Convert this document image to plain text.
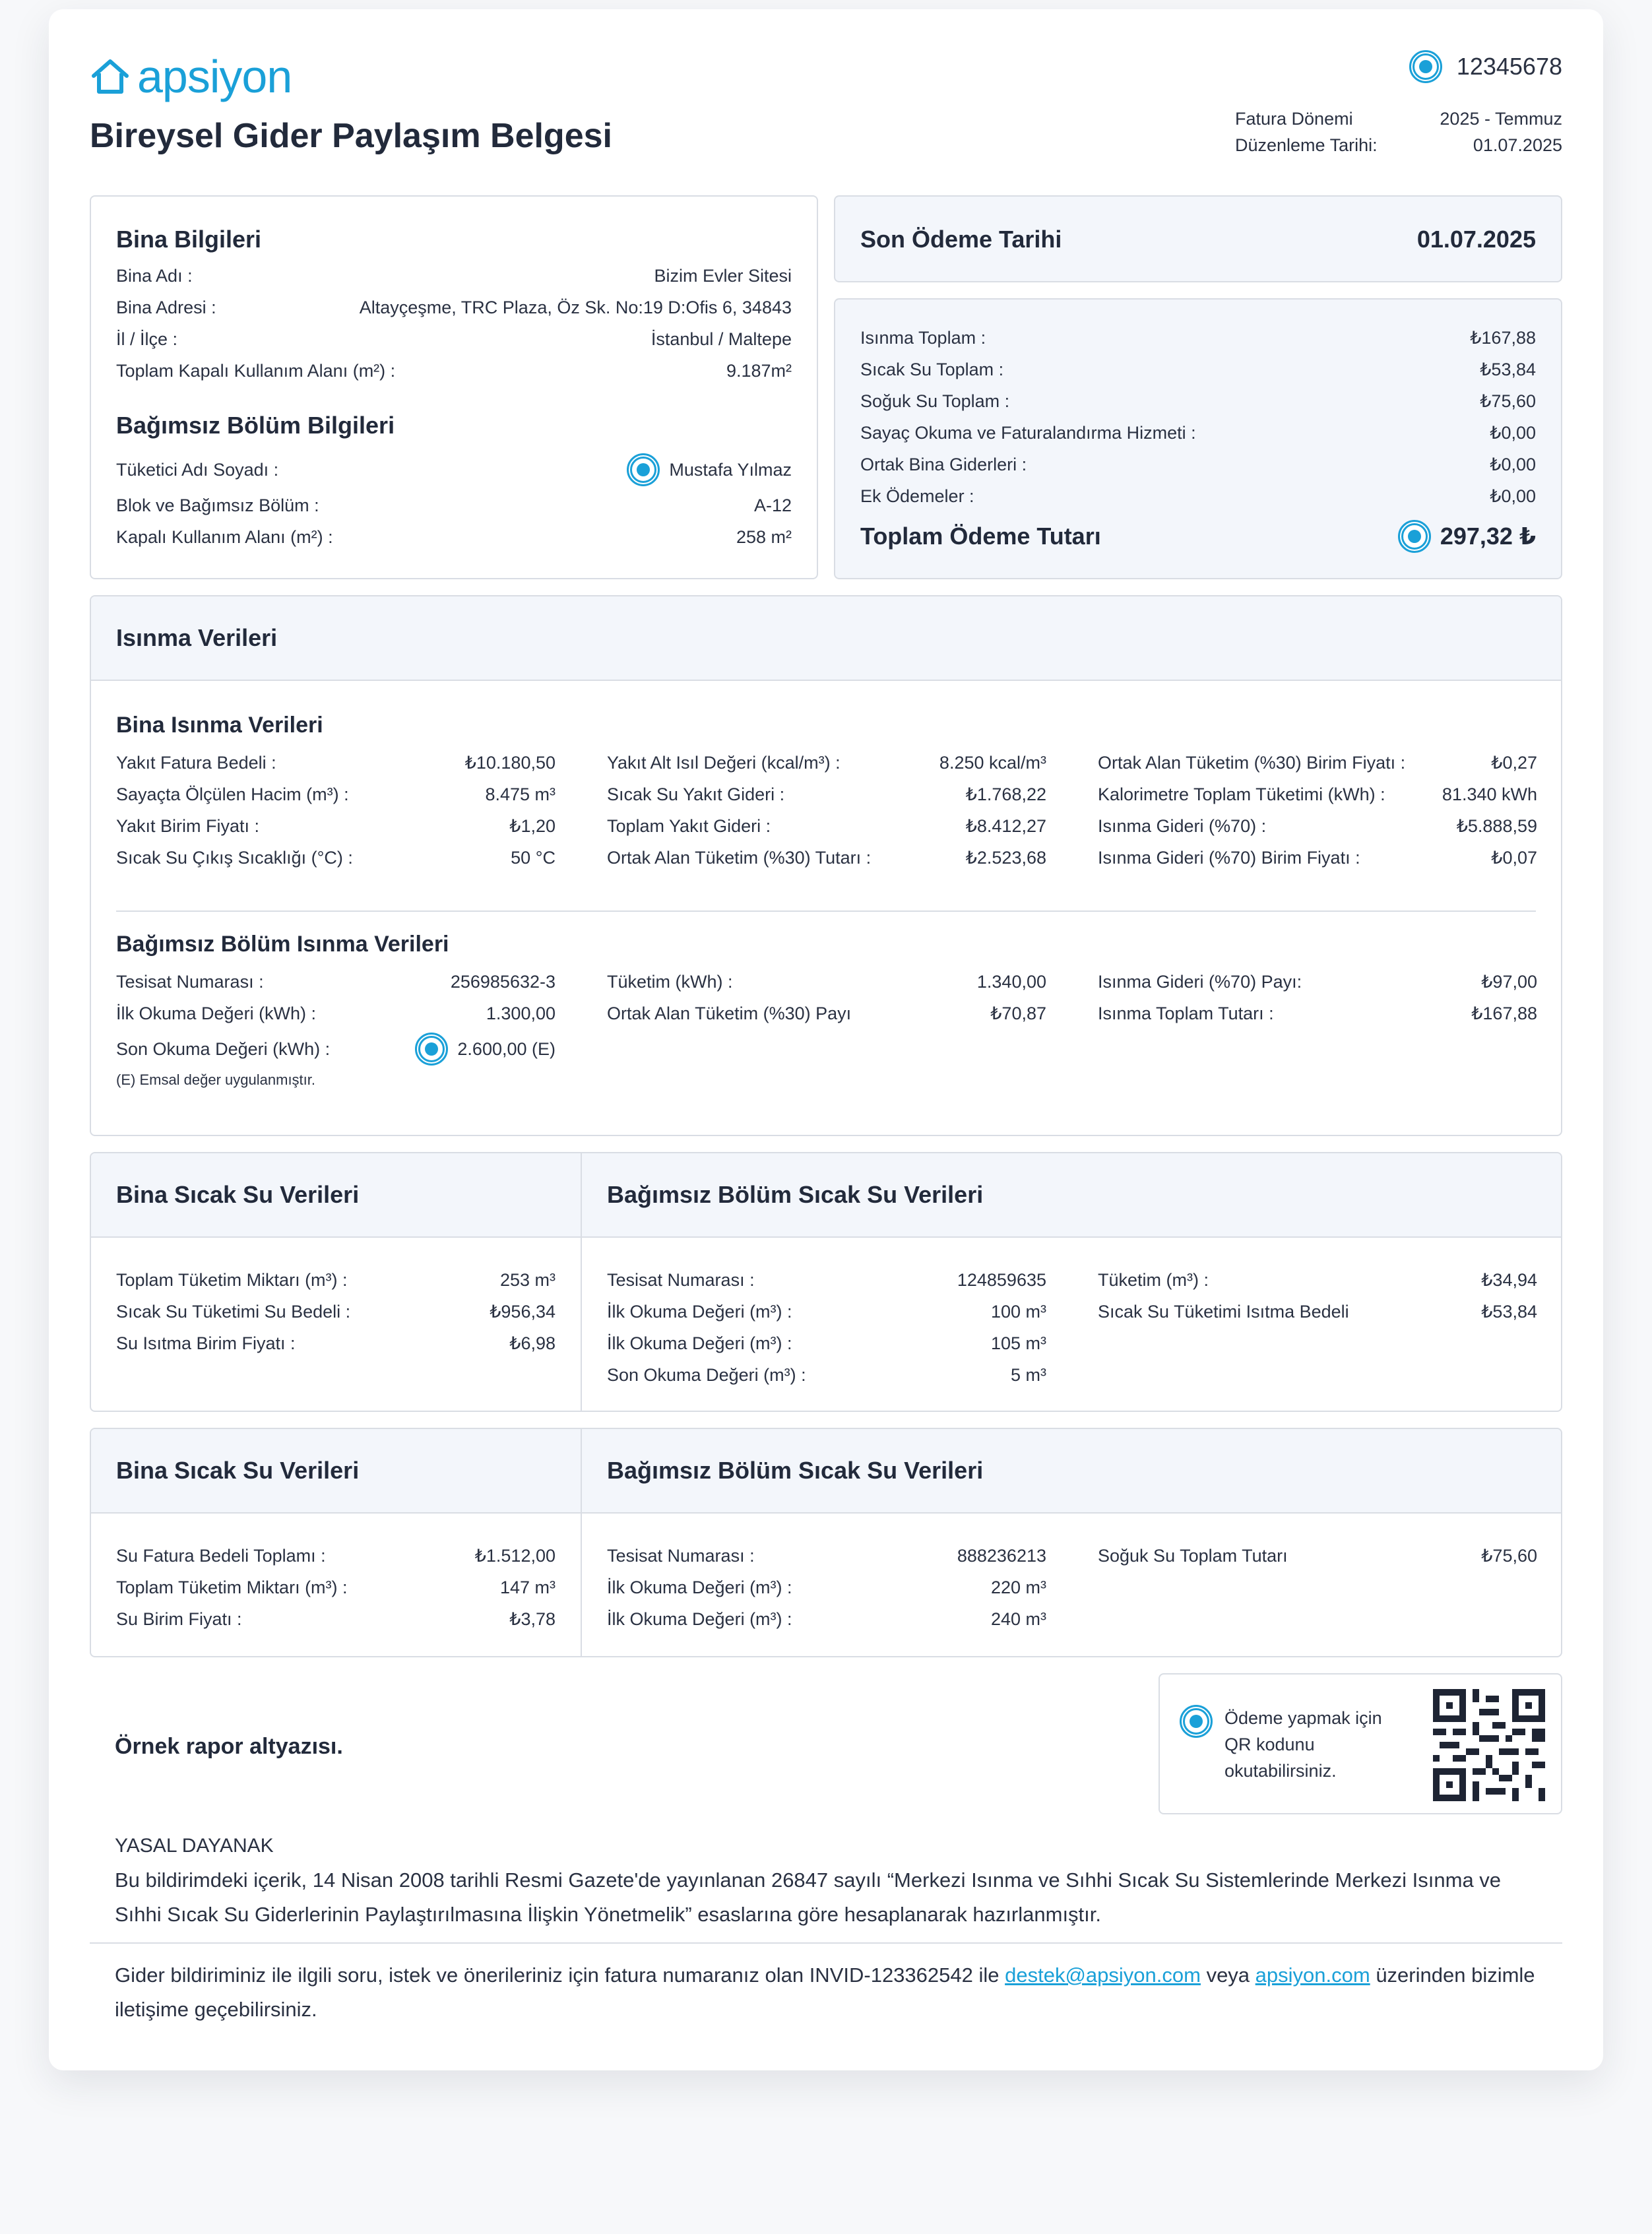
apsiyon
Bireysel Gider Paylaşım Belgesi
12345678
Fatura Dönemi	2025 - Temmuz
Düzenleme Tarihi:	01.07.2025
Bina Bilgileri
Bina Adı :	Bizim Evler Sitesi
Bina Adresi :	Altayçeşme, TRC Plaza, Öz Sk. No:19 D:Ofis 6, 34843
İl / İlçe :	İstanbul / Maltepe
Toplam Kapalı Kullanım Alanı (m²) :	9.187m²
Bağımsız Bölüm Bilgileri
Tüketici Adı Soyadı :	Mustafa Yılmaz
Blok ve Bağımsız Bölüm :	A-12
Kapalı Kullanım Alanı (m²) :	258 m²
Son Ödeme Tarihi	01.07.2025
Isınma Toplam :	₺167,88
Sıcak Su Toplam :	₺53,84
Soğuk Su Toplam :	₺75,60
Sayaç Okuma ve Faturalandırma Hizmeti :	₺0,00
Ortak Bina Giderleri :	₺0,00
Ek Ödemeler :	₺0,00
Toplam Ödeme Tutarı	297,32 ₺
Isınma Verileri
Bina Isınma Verileri
Yakıt Fatura Bedeli :	₺10.180,50
Sayaçta Ölçülen Hacim (m³) :	8.475 m³
Yakıt Birim Fiyatı :	₺1,20
Sıcak Su Çıkış Sıcaklığı (°C) :	50 °C
Yakıt Alt Isıl Değeri (kcal/m³) :	8.250 kcal/m³
Sıcak Su Yakıt Gideri :	₺1.768,22
Toplam Yakıt Gideri :	₺8.412,27
Ortak Alan Tüketim (%30) Tutarı :	₺2.523,68
Ortak Alan Tüketim (%30) Birim Fiyatı :	₺0,27
Kalorimetre Toplam Tüketimi (kWh) :	81.340 kWh
Isınma Gideri (%70) :	₺5.888,59
Isınma Gideri (%70) Birim Fiyatı :	₺0,07
Bağımsız Bölüm Isınma Verileri
Tesisat Numarası :	256985632-3
İlk Okuma Değeri (kWh) :	1.300,00
Son Okuma Değeri (kWh) :	2.600,00 (E)
(E) Emsal değer uygulanmıştır.
Tüketim (kWh) :	1.340,00
Ortak Alan Tüketim (%30) Payı	₺70,87
Isınma Gideri (%70) Payı:	₺97,00
Isınma Toplam Tutarı :	₺167,88
Bina Sıcak Su Verileri	Bağımsız Bölüm Sıcak Su Verileri
Toplam Tüketim Miktarı (m³) :	253 m³
Sıcak Su Tüketimi Su Bedeli :	₺956,34
Su Isıtma Birim Fiyatı :	₺6,98
Tesisat Numarası :	124859635
İlk Okuma Değeri (m³) :	100 m³
İlk Okuma Değeri (m³) :	105 m³
Son Okuma Değeri (m³) :	5 m³
Tüketim (m³) :	₺34,94
Sıcak Su Tüketimi Isıtma Bedeli	₺53,84
Bina Sıcak Su Verileri	Bağımsız Bölüm Sıcak Su Verileri
Su Fatura Bedeli Toplamı :	₺1.512,00
Toplam Tüketim Miktarı (m³) :	147 m³
Su Birim Fiyatı :	₺3,78
Tesisat Numarası :	888236213
İlk Okuma Değeri (m³) :	220 m³
İlk Okuma Değeri (m³) :	240 m³
Soğuk Su Toplam Tutarı	₺75,60
Örnek rapor altyazısı.
Ödeme yapmak için
QR kodunu
okutabilirsiniz.
YASAL DAYANAK
Bu bildirimdeki içerik, 14 Nisan 2008 tarihli Resmi Gazete'de yayınlanan 26847 sayılı “Merkezi Isınma ve Sıhhi Sıcak Su Sistemlerinde Merkezi Isınma ve Sıhhi Sıcak Su Giderlerinin Paylaştırılmasına İlişkin Yönetmelik” esaslarına göre hesaplanarak hazırlanmıştır.
Gider bildiriminiz ile ilgili soru, istek ve önerileriniz için fatura numaranız olan INVID-123362542 ile destek@apsiyon.com veya apsiyon.com üzerinden bizimle iletişime geçebilirsiniz.
